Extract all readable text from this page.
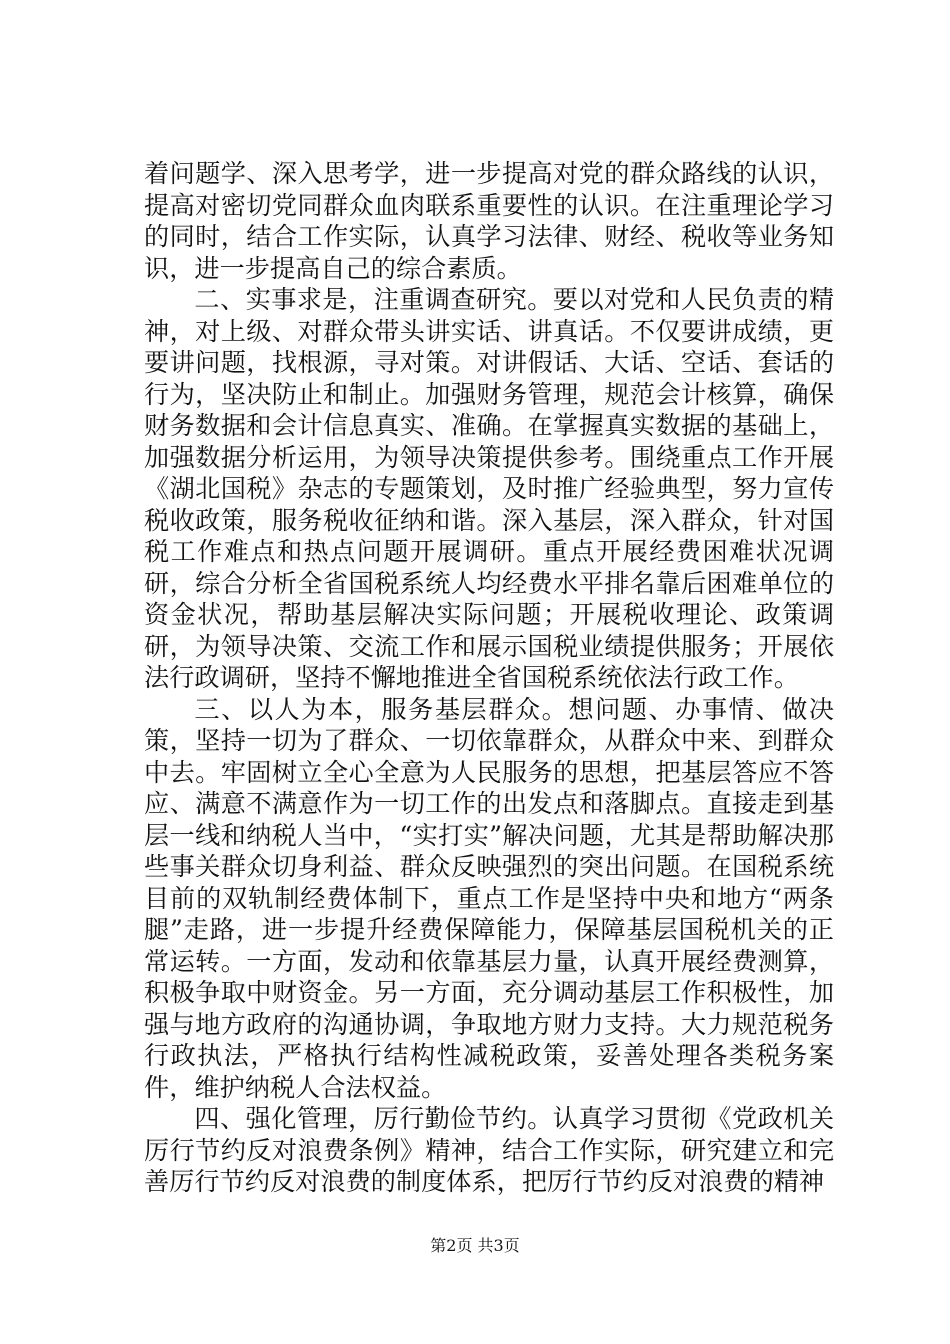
着问题学、深入思考学，进一步提高对党的群众路线的认识，提高对密切党同群众血肉联系重要性的认识。在注重理论学习的同时，结合工作实际，认真学习法律、财经、税收等业务知识，进一步提高自己的综合素质。

二、实事求是，注重调查研究。要以对党和人民负责的精神，对上级、对群众带头讲实话、讲真话。不仅要讲成绩，更要讲问题，找根源，寻对策。对讲假话、大话、空话、套话的行为，坚决防止和制止。加强财务管理，规范会计核算，确保财务数据和会计信息真实、准确。在掌握真实数据的基础上，加强数据分析运用，为领导决策提供参考。围绕重点工作开展《湖北国税》杂志的专题策划，及时推广经验典型，努力宣传税收政策，服务税收征纳和谐。深入基层，深入群众，针对国税工作难点和热点问题开展调研。重点开展经费困难状况调研，综合分析全省国税系统人均经费水平排名靠后困难单位的资金状况，帮助基层解决实际问题；开展税收理论、政策调研，为领导决策、交流工作和展示国税业绩提供服务；开展依法行政调研，坚持不懈地推进全省国税系统依法行政工作。

三、以人为本，服务基层群众。想问题、办事情、做决策，坚持一切为了群众、一切依靠群众，从群众中来、到群众中去。牢固树立全心全意为人民服务的思想，把基层答应不答应、满意不满意作为一切工作的出发点和落脚点。直接走到基层一线和纳税人当中，“实打实”解决问题，尤其是帮助解决那些事关群众切身利益、群众反映强烈的突出问题。在国税系统目前的双轨制经费体制下，重点工作是坚持中央和地方“两条腿”走路，进一步提升经费保障能力，保障基层国税机关的正常运转。一方面，发动和依靠基层力量，认真开展经费测算，积极争取中财资金。另一方面，充分调动基层工作积极性，加强与地方政府的沟通协调，争取地方财力支持。大力规范税务行政执法，严格执行结构性减税政策，妥善处理各类税务案件，维护纳税人合法权益。

四、强化管理，厉行勤俭节约。认真学习贯彻《党政机关厉行节约反对浪费条例》精神，结合工作实际，研究建立和完善厉行节约反对浪费的制度体系，把厉行节约反对浪费的精神

第2页 共3页
